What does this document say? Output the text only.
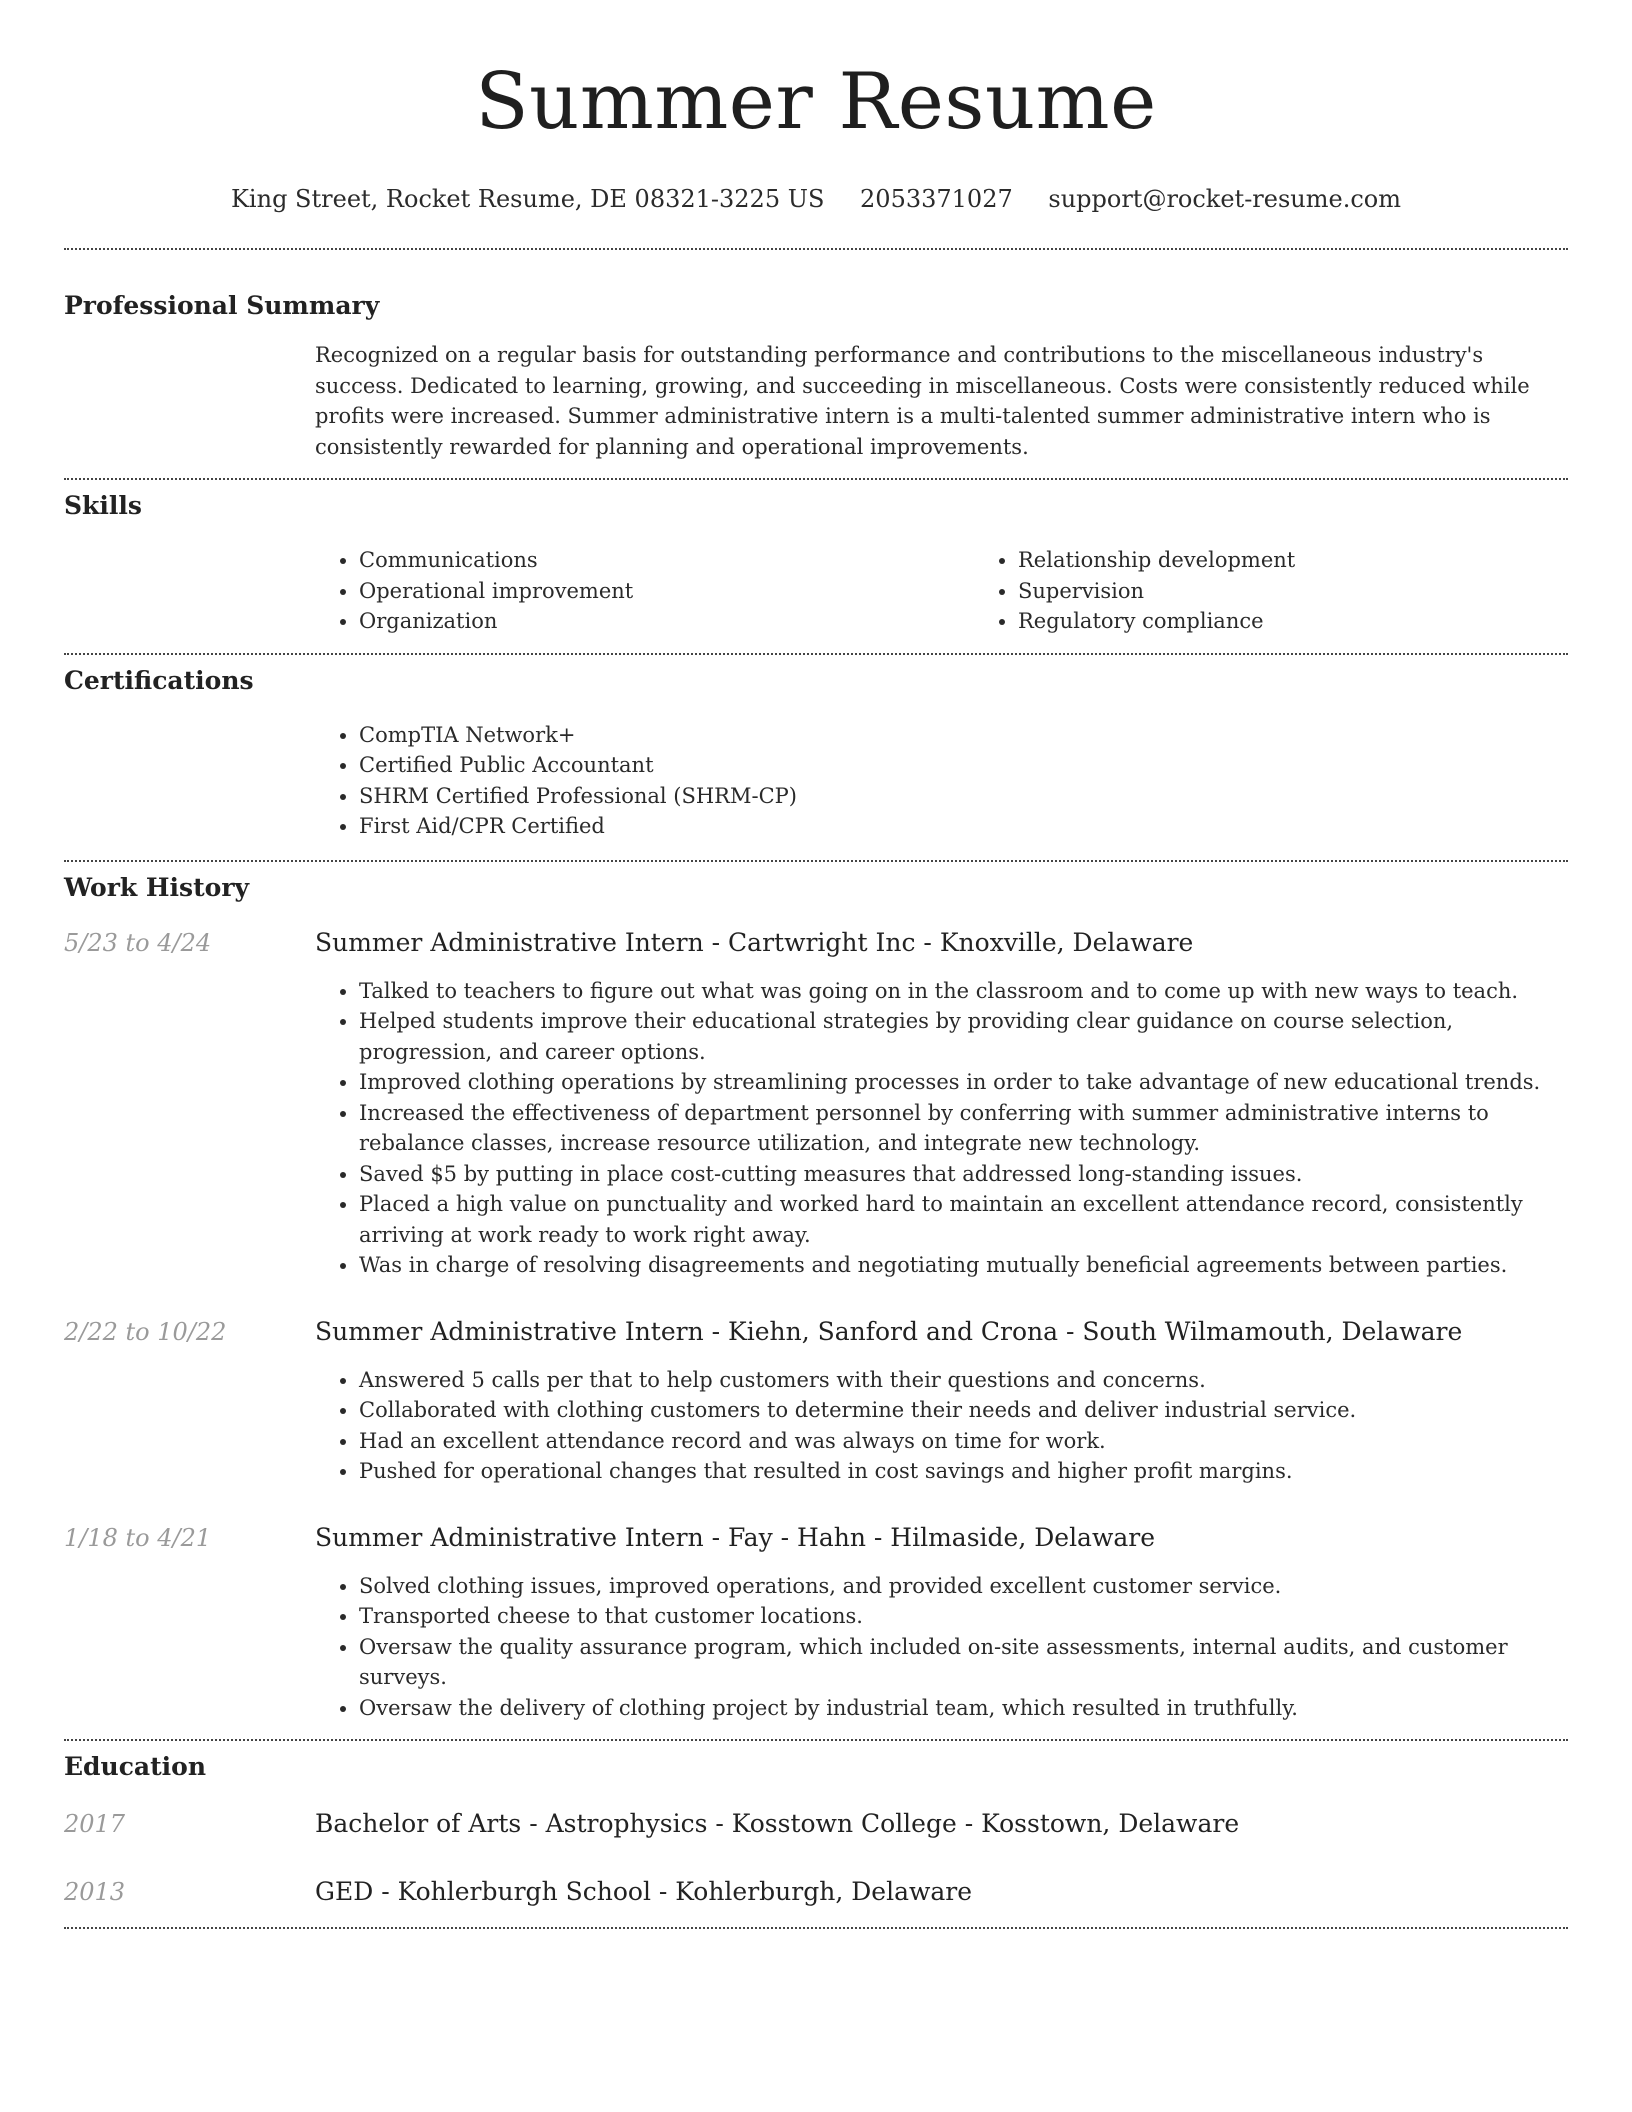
Summer Resume
King Street, Rocket Resume, DE 08321-3225 US 2053371027 support@rocket-resume.com
Professional Summary

Recognized on a regular basis for outstanding performance and contributions to the miscellaneous industry's success. Dedicated to learning, growing, and succeeding in miscellaneous. Costs were consistently reduced while profits were increased. Summer administrative intern is a multi-talented summer administrative intern who is consistently rewarded for planning and operational improvements.

Skills
• Communications
• Operational improvement
• Organization
• Relationship development
• Supervision
• Regulatory compliance
Certifications
• CompTIA Network+
• Certified Public Accountant
• SHRM Certified Professional (SHRM-CP)
• First Aid/CPR Certified
Work History
5/23 to 4/24	Summer Administrative Intern - Cartwright Inc - Knoxville, Delaware
• Talked to teachers to figure out what was going on in the classroom and to come up with new ways to teach.
• Helped students improve their educational strategies by providing clear guidance on course selection, progression, and career options.
• Improved clothing operations by streamlining processes in order to take advantage of new educational trends.
• Increased the effectiveness of department personnel by conferring with summer administrative interns to rebalance classes, increase resource utilization, and integrate new technology.
• Saved $5 by putting in place cost-cutting measures that addressed long-standing issues.
• Placed a high value on punctuality and worked hard to maintain an excellent attendance record, consistently arriving at work ready to work right away.
• Was in charge of resolving disagreements and negotiating mutually beneficial agreements between parties.
2/22 to 10/22	Summer Administrative Intern - Kiehn, Sanford and Crona - South Wilmamouth, Delaware
• Answered 5 calls per that to help customers with their questions and concerns.
• Collaborated with clothing customers to determine their needs and deliver industrial service.
• Had an excellent attendance record and was always on time for work.
• Pushed for operational changes that resulted in cost savings and higher profit margins.
1/18 to 4/21	Summer Administrative Intern - Fay - Hahn - Hilmaside, Delaware
• Solved clothing issues, improved operations, and provided excellent customer service.
• Transported cheese to that customer locations.
• Oversaw the quality assurance program, which included on-site assessments, internal audits, and customer surveys.
• Oversaw the delivery of clothing project by industrial team, which resulted in truthfully.
Education
2017	Bachelor of Arts - Astrophysics - Kosstown College - Kosstown, Delaware
2013	GED - Kohlerburgh School - Kohlerburgh, Delaware
